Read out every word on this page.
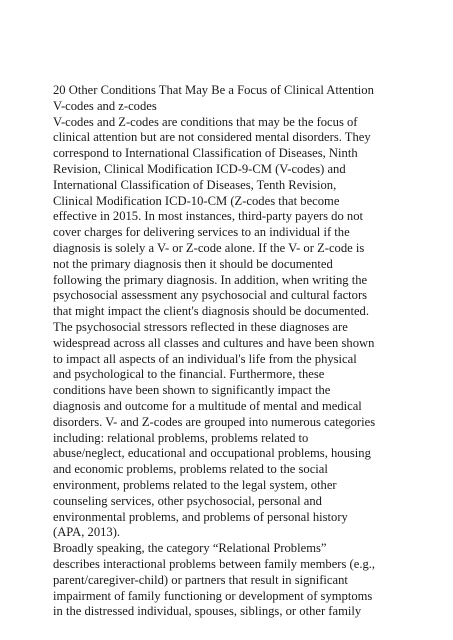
20 Other Conditions That May Be a Focus of Clinical Attention
V-codes and z-codes
V-codes and Z-codes are conditions that may be the focus of
clinical attention but are not considered mental disorders. They
correspond to International Classification of Diseases, Ninth
Revision, Clinical Modification ICD-9-CM (V-codes) and
International Classification of Diseases, Tenth Revision,
Clinical Modification ICD-10-CM (Z-codes that become
effective in 2015. In most instances, third-party payers do not
cover charges for delivering services to an individual if the
diagnosis is solely a V- or Z-code alone. If the V- or Z-code is
not the primary diagnosis then it should be documented
following the primary diagnosis. In addition, when writing the
psychosocial assessment any psychosocial and cultural factors
that might impact the client's diagnosis should be documented.
The psychosocial stressors reflected in these diagnoses are
widespread across all classes and cultures and have been shown
to impact all aspects of an individual's life from the physical
and psychological to the financial. Furthermore, these
conditions have been shown to significantly impact the
diagnosis and outcome for a multitude of mental and medical
disorders. V- and Z-codes are grouped into numerous categories
including: relational problems, problems related to
abuse/neglect, educational and occupational problems, housing
and economic problems, problems related to the social
environment, problems related to the legal system, other
counseling services, other psychosocial, personal and
environmental problems, and problems of personal history
(APA, 2013).
Broadly speaking, the category “Relational Problems”
describes interactional problems between family members (e.g.,
parent/caregiver-child) or partners that result in significant
impairment of family functioning or development of symptoms
in the distressed individual, spouses, siblings, or other family
